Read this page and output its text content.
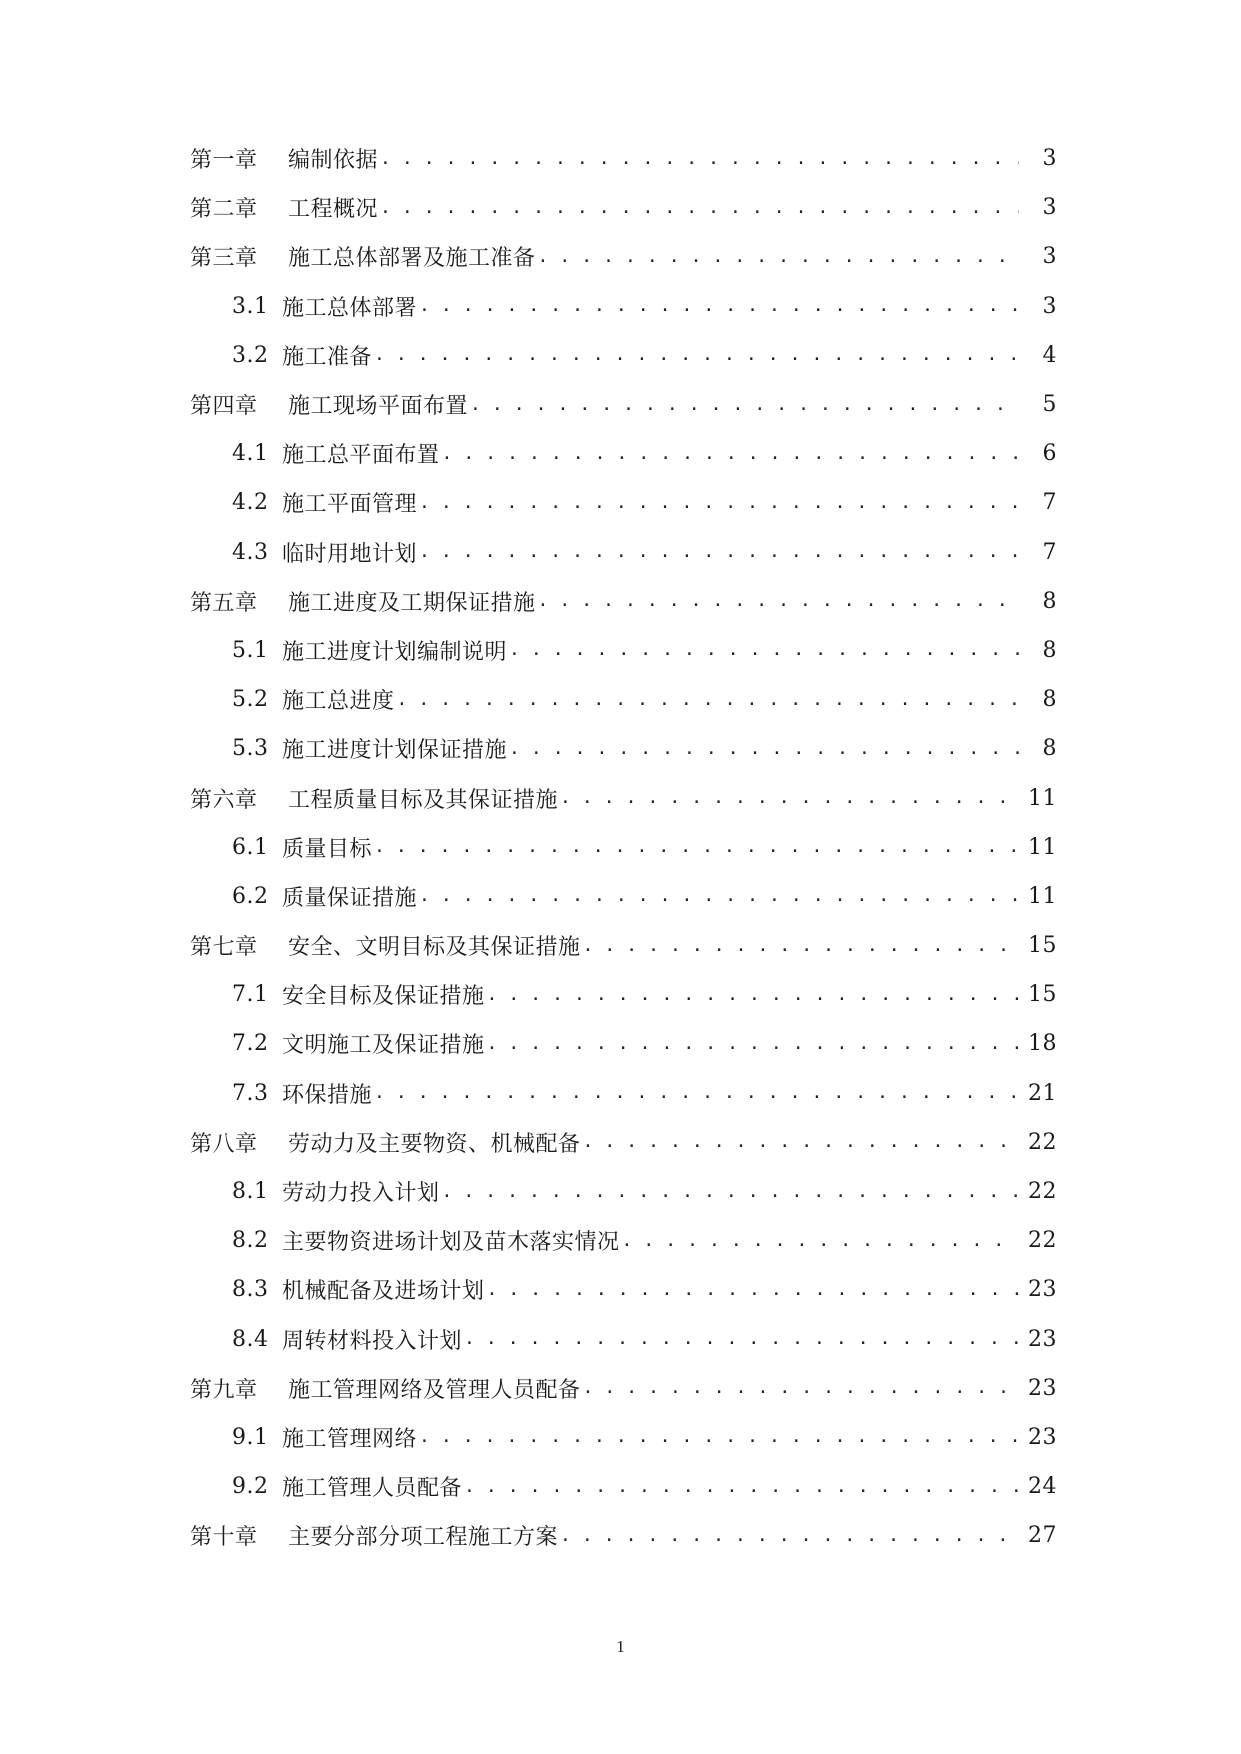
第一章	编制依据 . . .	3
第二章	工程概况 . . .	3
第三章	施工总体部署及施工准备 . . .	3
3.1 施工总体部署 . . .	3
3.2 施工准备 . . .	4
第四章	施工现场平面布置 . . .	5
4.1 施工总平面布置 . . .	6
4.2 施工平面管理 . . .	7
4.3 临时用地计划 . . .	7
第五章	施工进度及工期保证措施 . . .	8
5.1 施工进度计划编制说明 . . .	8
5.2 施工总进度 . . .	8
5.3 施工进度计划保证措施 . . .	8
第六章	工程质量目标及其保证措施 . . .	11
6.1 质量目标 . . .	11
6.2 质量保证措施 . . .	11
第七章	安全、文明目标及其保证措施 . . .	15
7.1 安全目标及保证措施 . . .	15
7.2 文明施工及保证措施 . . .	18
7.3 环保措施 . . .	21
第八章	劳动力及主要物资、机械配备 . . .	22
8.1 劳动力投入计划 . . .	22
8.2 主要物资进场计划及苗木落实情况 . . .	22
8.3 机械配备及进场计划 . . .	23
8.4 周转材料投入计划 . . .	23
第九章	施工管理网络及管理人员配备 . . .	23
9.1 施工管理网络 . . .	23
9.2 施工管理人员配备 . . .	24
第十章	主要分部分项工程施工方案 . . .	27
1
